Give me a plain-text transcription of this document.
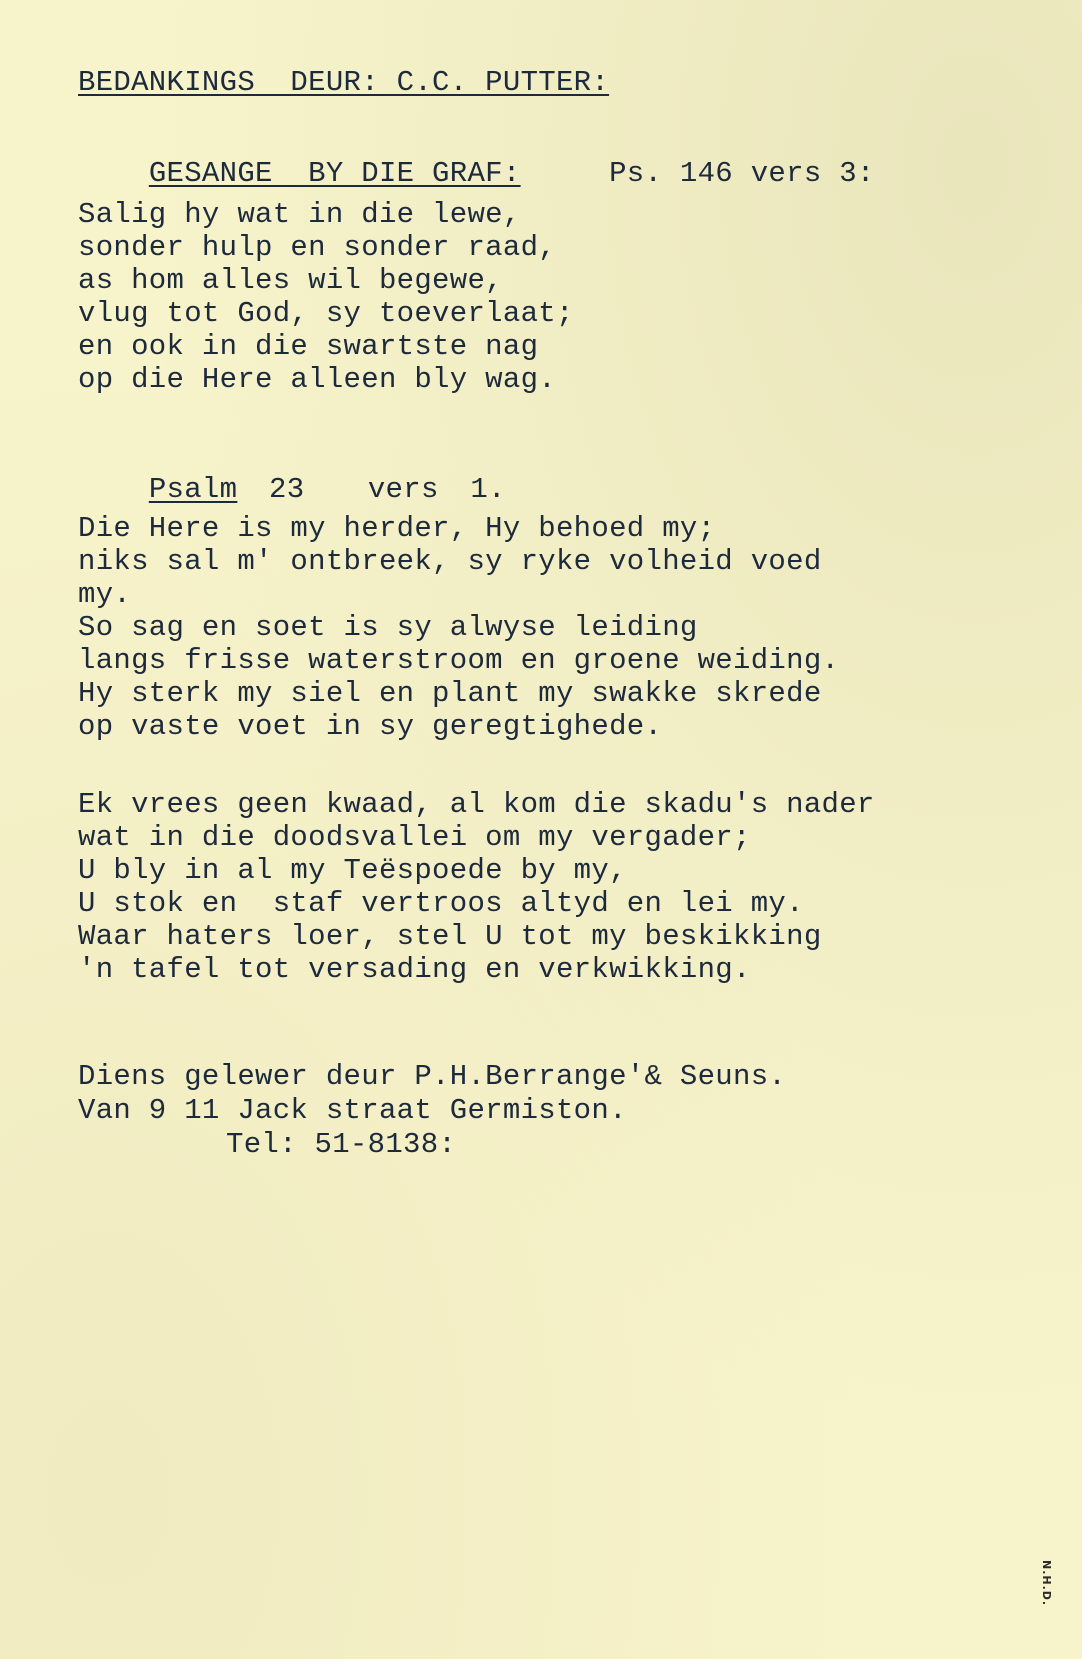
BEDANKINGS  DEUR: C.C. PUTTER:

GESANGE  BY DIE GRAF:	Ps. 146 vers 3:

Salig hy wat in die lewe,
sonder hulp en sonder raad,
as hom alles wil begewe,
vlug tot God, sy toeverlaat;
en ook in die swartste nag
op die Here alleen bly wag.

Psalm 23  vers 1.

Die Here is my herder, Hy behoed my;
niks sal m' ontbreek, sy ryke volheid voed
my.
So sag en soet is sy alwyse leiding
langs frisse waterstroom en groene weiding.
Hy sterk my siel en plant my swakke skrede
op vaste voet in sy geregtighede.
Ek vrees geen kwaad, al kom die skadu's nader
wat in die doodsvallei om my vergader;
U bly in al my Teëspoede by my,
U stok en  staf vertroos altyd en lei my.
Waar haters loer, stel U tot my beskikking
'n tafel tot versading en verkwikking.
Diens gelewer deur P.H.Berrange'& Seuns.
Van 9 11 Jack straat Germiston.
Tel: 51-8138:
N.H.D.
